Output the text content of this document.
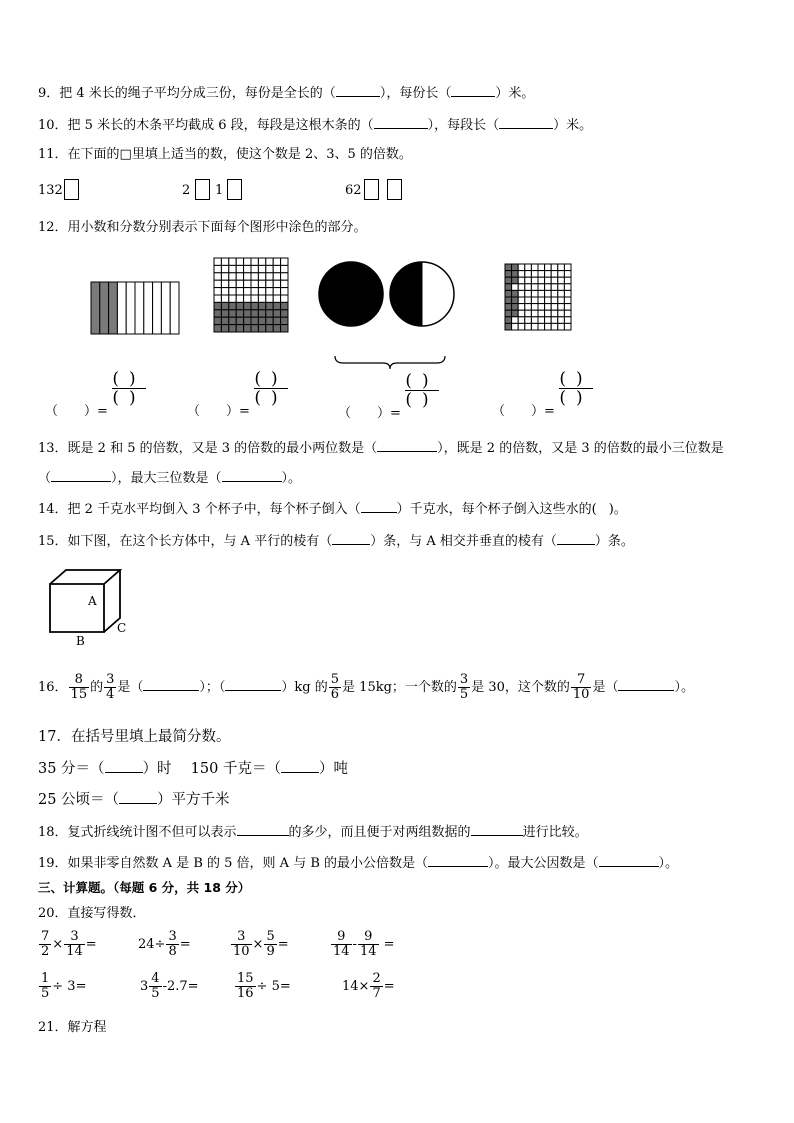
9．把 4 米长的绳子平均分成三份，每份是全长的（	），每份长（	）米。
10．把 5 米长的木条平均截成 6 段，每段是这根木条的（	），每段长（	）米。
11．在下面的□里填上适当的数，使这个数是 2、3、5 的倍数。
132	2 1	62
12．用小数和分数分别表示下面每个图形中涂色的部分。
（　　）=
()
()
（　　）=
()
()
（　　）=
()
()
（　　）=
()
()
13．既是 2 和 5 的倍数，又是 3 的倍数的最小两位数是（	），既是 2 的倍数，又是 3 的倍数的最小三位数是
（	），最大三位数是（	）。
14．把 2 千克水平均倒入 3 个杯子中，每个杯子倒入（	）千克水，每个杯子倒入这些水的( )。
15．如下图，在这个长方体中，与 A 平行的棱有（	）条，与 A 相交并垂直的棱有（	）条。
A
B
C
16． $\frac{8}{15}$ 的 $\frac{3}{4}$ 是（	）；（	）kg 的 $\frac{5}{6}$ 是 15kg；一个数的 $\frac{3}{5}$ 是 30，这个数的 $\frac{7}{10}$ 是（	）。
17．在括号里填上最简分数。
35 分＝（	）时　 150 千克＝（	）吨
25 公顷＝（	）平方千米
18．复式折线统计图不但可以表示	的多少，而且便于对两组数据的	进行比较。
19．如果非零自然数 A 是 B 的 5 倍，则 A 与 B 的最小公倍数是（	）。最大公因数是（	）。
三、计算题。（每题 6 分，共 18 分）
20．直接写得数．
$\frac{7}{2} \times \frac{3}{14}$ =	$24\div \frac{3}{8}$ =	$\frac{3}{10} \times \frac{5}{9}$ =	$\frac{9}{14} - \frac{9}{14}$ =
$\frac{1}{5} \div 3=$	$3 \frac{4}{5} -2.7=$	$\frac{15}{16} \div 5=$	$14\times \frac{2}{7}$ =
21．解方程
